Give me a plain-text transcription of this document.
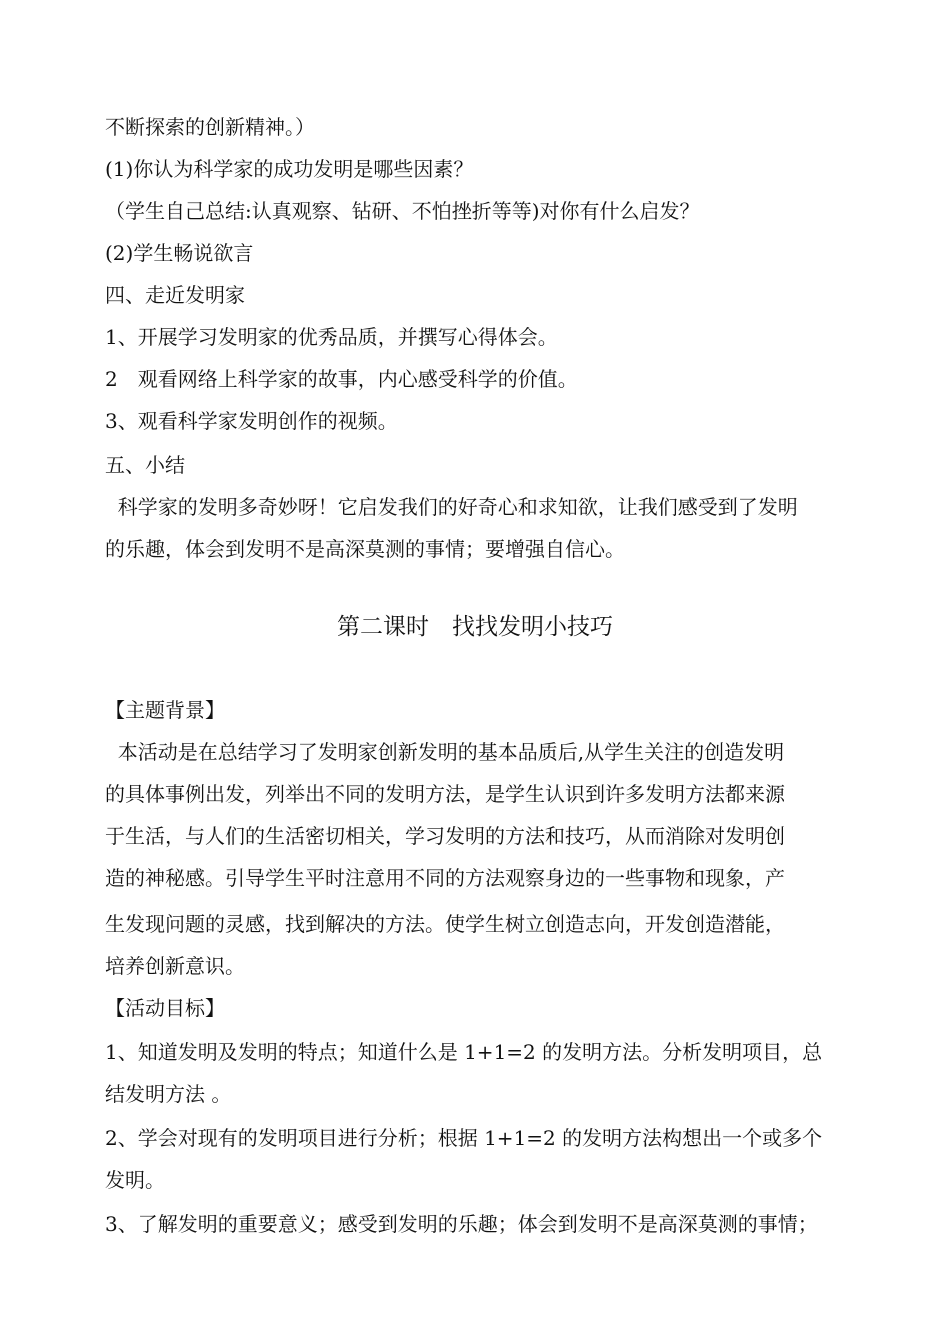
不断探索的创新精神。）
(1)你认为科学家的成功发明是哪些因素？
（学生自己总结:认真观察、钻研、不怕挫折等等)对你有什么启发？
(2)学生畅说欲言
四、走近发明家
1、开展学习发明家的优秀品质，并撰写心得体会。
2　观看网络上科学家的故事，内心感受科学的价值。
3、观看科学家发明创作的视频。
五、小结
科学家的发明多奇妙呀！它启发我们的好奇心和求知欲，让我们感受到了发明
的乐趣，体会到发明不是高深莫测的事情；要增强自信心。
第二课时　找找发明小技巧
【主题背景】
本活动是在总结学习了发明家创新发明的基本品质后,从学生关注的创造发明
的具体事例出发，列举出不同的发明方法，是学生认识到许多发明方法都来源
于生活，与人们的生活密切相关，学习发明的方法和技巧，从而消除对发明创
造的神秘感。引导学生平时注意用不同的方法观察身边的一些事物和现象，产
生发现问题的灵感，找到解决的方法。使学生树立创造志向，开发创造潜能，
培养创新意识。
【活动目标】
1、知道发明及发明的特点；知道什么是 1+1=2 的发明方法。分析发明项目，总
结发明方法 。
2、学会对现有的发明项目进行分析；根据 1+1=2 的发明方法构想出一个或多个
发明。
3、了解发明的重要意义；感受到发明的乐趣；体会到发明不是高深莫测的事情；
